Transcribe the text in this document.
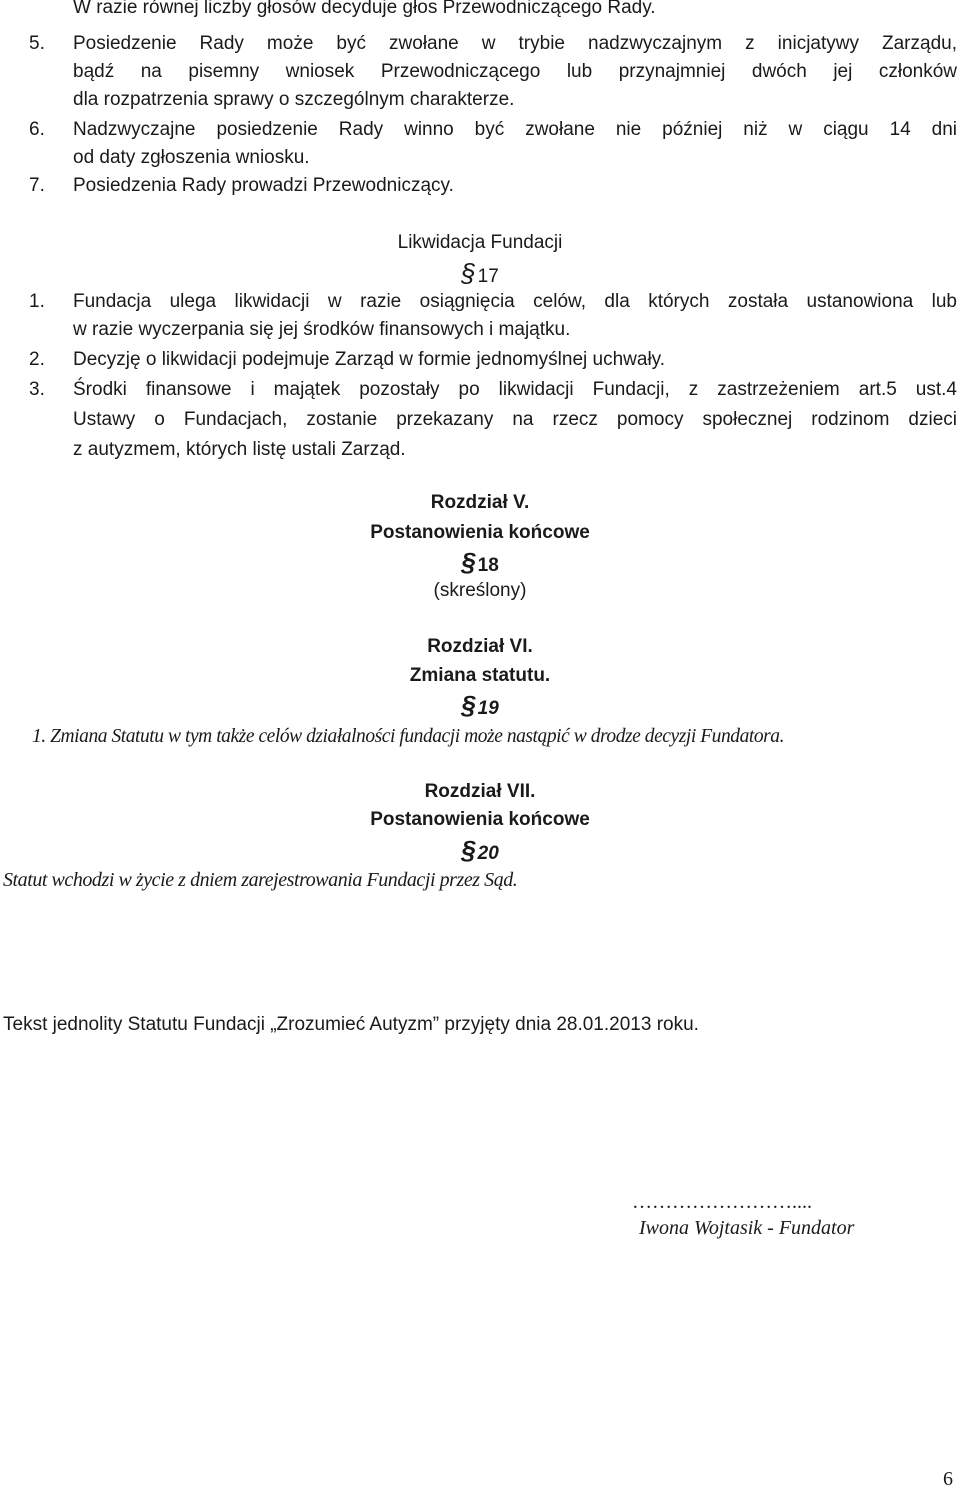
W razie równej liczby głosów decyduje głos Przewodniczącego Rady.
5. Posiedzenie Rady może być zwołane w trybie nadzwyczajnym z inicjatywy Zarządu,
bądź na pisemny wniosek Przewodniczącego lub przynajmniej dwóch jej członków
dla rozpatrzenia sprawy o szczególnym charakterze.
6. Nadzwyczajne posiedzenie Rady winno być zwołane nie później niż w ciągu 14 dni
od daty zgłoszenia wniosku.
7. Posiedzenia Rady prowadzi Przewodniczący.
Likwidacja Fundacji
§ 17
1. Fundacja ulega likwidacji w razie osiągnięcia celów, dla których została ustanowiona lub
w razie wyczerpania się jej środków finansowych i majątku.
2. Decyzję o likwidacji podejmuje Zarząd w formie jednomyślnej uchwały.
3. Środki finansowe i majątek pozostały po likwidacji Fundacji, z zastrzeżeniem art.5 ust.4
Ustawy o Fundacjach, zostanie przekazany na rzecz pomocy społecznej rodzinom dzieci
z autyzmem, których listę ustali Zarząd.
Rozdział V.
Postanowienia końcowe
§ 18
(skreślony)
Rozdział VI.
Zmiana statutu.
§ 19
1. Zmiana Statutu w tym także celów działalności fundacji może nastąpić w drodze decyzji Fundatora.
Rozdział VII.
Postanowienia końcowe
§ 20
Statut wchodzi w życie z dniem zarejestrowania Fundacji przez Sąd.
Tekst jednolity Statutu Fundacji „Zrozumieć Autyzm” przyjęty dnia 28.01.2013 roku.
……………………....
Iwona Wojtasik - Fundator
6
